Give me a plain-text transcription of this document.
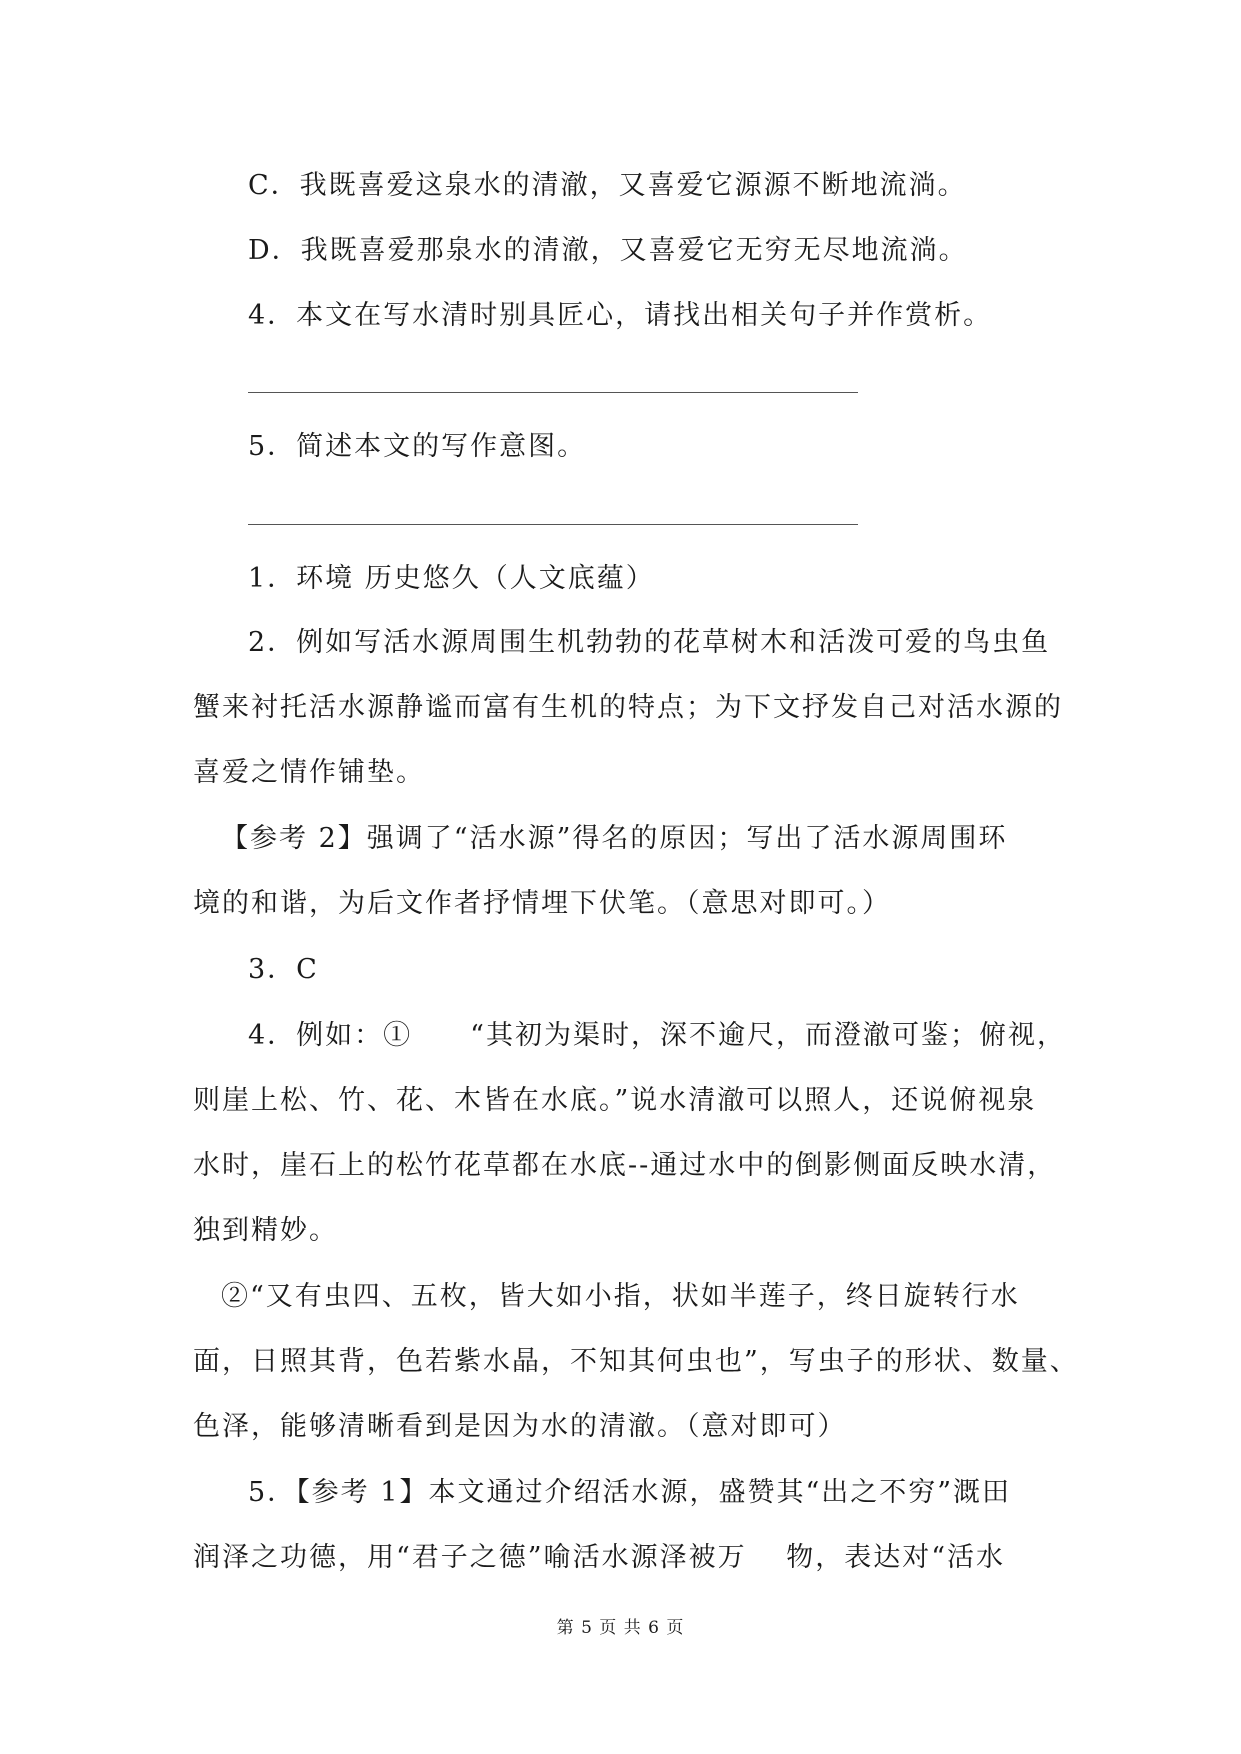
C．我既喜爱这泉水的清澈，又喜爱它源源不断地流淌。
D．我既喜爱那泉水的清澈，又喜爱它无穷无尽地流淌。
4．本文在写水清时别具匠心，请找出相关句子并作赏析。
5．简述本文的写作意图。
1．环境 历史悠久（人文底蕴）
2．例如写活水源周围生机勃勃的花草树木和活泼可爱的鸟虫鱼
蟹来衬托活水源静谧而富有生机的特点；为下文抒发自己对活水源的
喜爱之情作铺垫。
【参考 2】强调了“活水源”得名的原因；写出了活水源周围环
境的和谐，为后文作者抒情埋下伏笔。（意思对即可。）
3．C
4．例如：①　　“其初为渠时，深不逾尺，而澄澈可鉴；俯视，
则崖上松、竹、花、木皆在水底。”说水清澈可以照人，还说俯视泉
水时，崖石上的松竹花草都在水底--通过水中的倒影侧面反映水清，
独到精妙。
②“又有虫四、五枚，皆大如小指，状如半莲子，终日旋转行水
面，日照其背，色若紫水晶，不知其何虫也”，写虫子的形状、数量、
色泽，能够清晰看到是因为水的清澈。（意对即可）
5．【参考 1】本文通过介绍活水源，盛赞其“出之不穷”溉田
润泽之功德，用“君子之德”喻活水源泽被万　 物，表达对“活水
第 5 页 共 6 页
